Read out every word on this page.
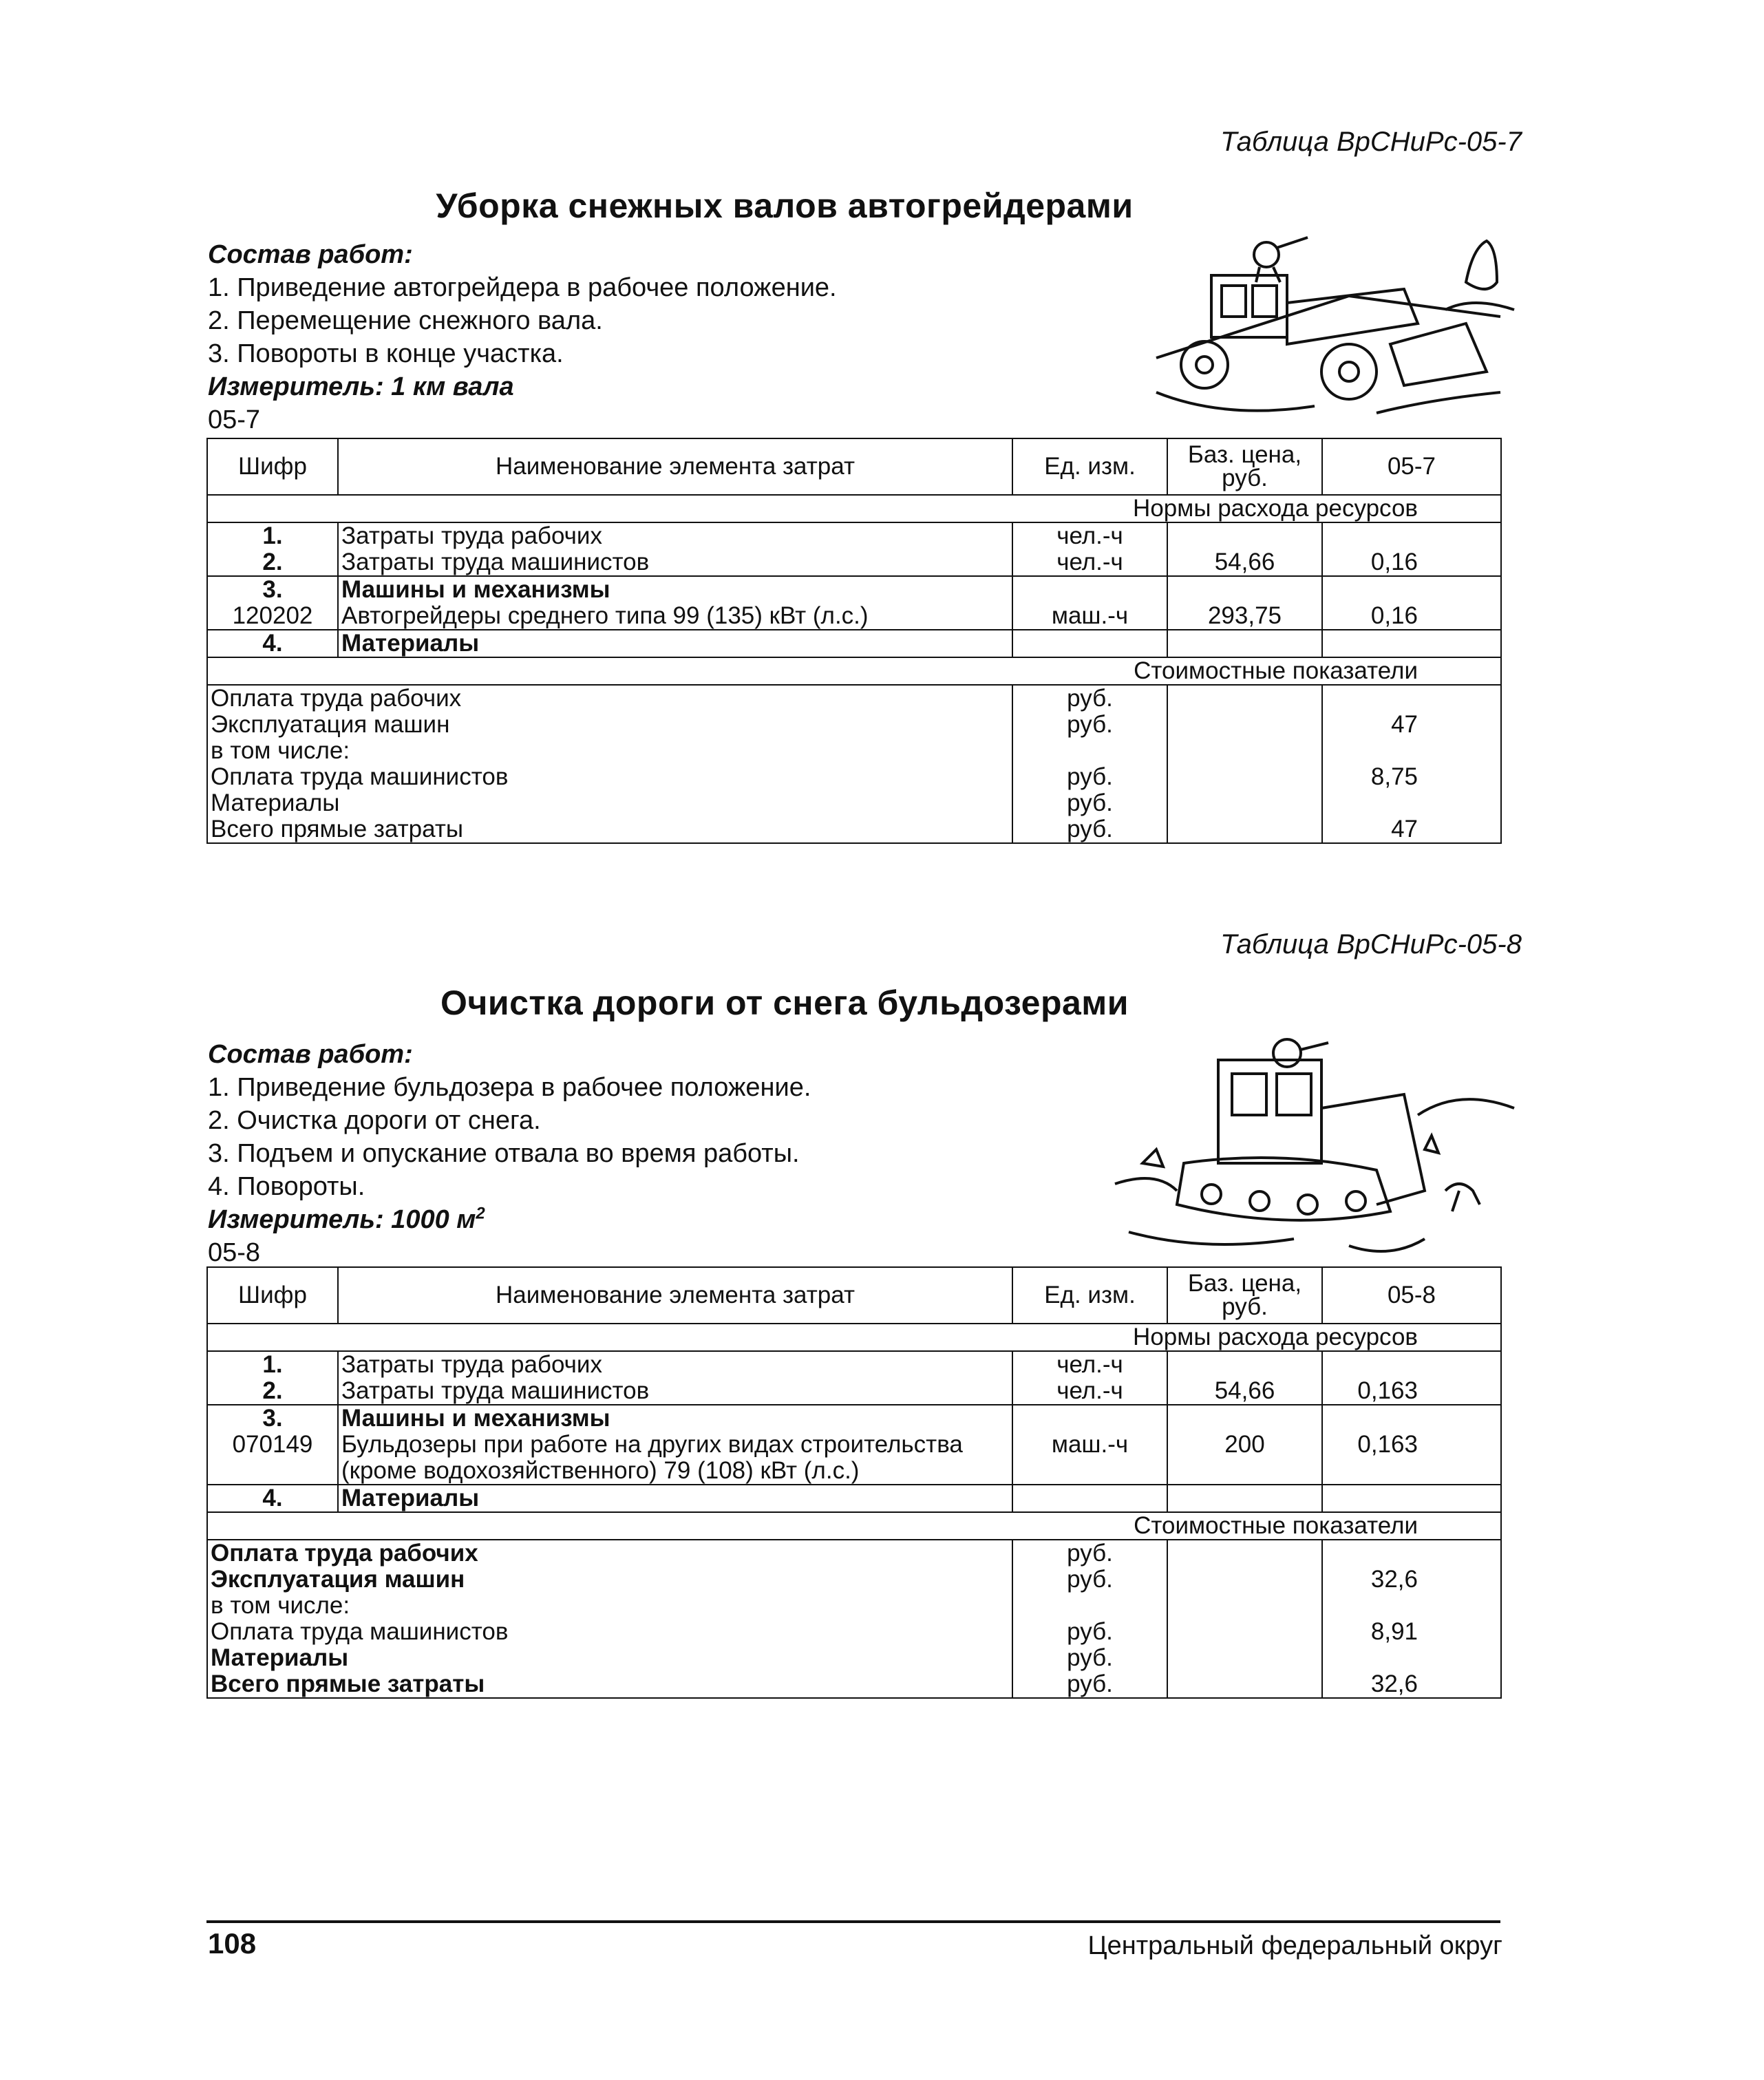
Таблица ВрСНиРс-05-7
Уборка снежных валов автогрейдерами
Состав работ:
1. Приведение автогрейдера в рабочее положение.
2. Перемещение снежного вала.
3. Повороты в конце участка.
Измеритель: 1 км вала
05-7
Шифр	Наименование элемента затрат	Ед. изм.	Баз. цена, руб.	05-7
Нормы расхода ресурсов				
1.	Затраты труда рабочих	чел.-ч		
2.	Затраты труда машинистов	чел.-ч	54,66	0,16
3.	Машины и механизмы			
120202	Автогрейдеры среднего типа 99 (135) кВт (л.с.)	маш.-ч	293,75	0,16
4.	Материалы			
Стоимостные показатели				
Оплата труда рабочих		руб.		
Эксплуатация машин		руб.		47
в том числе:				
Оплата труда машинистов		руб.		8,75
Материалы		руб.		
Всего прямые затраты		руб.		47
Таблица ВрСНиРс-05-8
Очистка дороги от снега бульдозерами
Состав работ:
1. Приведение бульдозера в рабочее положение.
2. Очистка дороги от снега.
3. Подъем и опускание отвала во время работы.
4. Повороты.
Измеритель: 1000 $м^2$
05-8
Шифр	Наименование элемента затрат	Ед. изм.	Баз. цена, руб.	05-8
Нормы расхода ресурсов				
1.	Затраты труда рабочих	чел.-ч		
2.	Затраты труда машинистов	чел.-ч	54,66	0,163
3.	Машины и механизмы			
070149	Бульдозеры при работе на других видах строительства (кроме водохозяйственного) 79 (108) кВт (л.с.)	маш.-ч	200	0,163
4.	Материалы			
Стоимостные показатели				
Оплата труда рабочих		руб.		
Эксплуатация машин		руб.		32,6
в том числе:				
Оплата труда машинистов		руб.		8,91
Материалы		руб.		
Всего прямые затраты		руб.		32,6
108	Центральный федеральный округ
